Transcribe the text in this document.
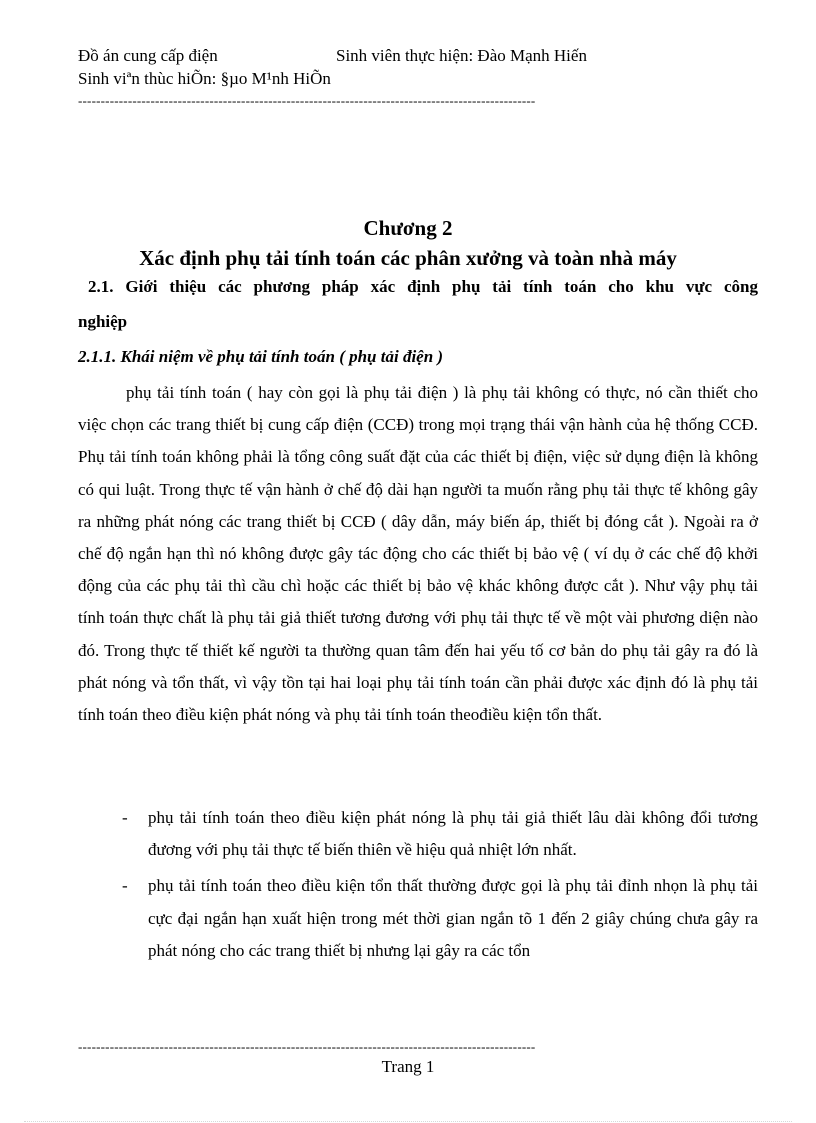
Đồ án cung cấp điện	Sinh viên thực hiện: Đào Mạnh Hiến
Sinh viªn thùc hiÕn: §µo M¹nh HiÕn
-----------------------------------------------------------------------------------------------------
Chương 2
Xác định phụ tải tính toán các phân xưởng và toàn nhà máy
2.1. Giới thiệu các phương pháp xác định phụ tải tính toán cho khu vực công
nghiệp
2.1.1. Khái niệm về phụ tải tính toán ( phụ tải điện )

phụ tải tính toán ( hay còn gọi là phụ tải điện ) là phụ tải không có thực, nó cần thiết cho việc chọn các trang thiết bị cung cấp điện (CCĐ) trong mọi trạng thái vận hành của hệ thống CCĐ. Phụ tải tính toán không phải là tổng công suất đặt của các thiết bị điện, việc sử dụng điện là không có qui luật. Trong thực tế vận hành ở chế độ dài hạn người ta muốn rằng phụ tải thực tế không gây ra những phát nóng các trang thiết bị CCĐ ( dây dẫn, máy biến áp, thiết bị đóng cắt ). Ngoài ra ở chế độ ngắn hạn thì nó không được gây tác động cho các thiết bị bảo vệ ( ví dụ ở các chế độ khởi động của các phụ tải thì cầu chì hoặc các thiết bị bảo vệ khác không được cắt ). Như vậy phụ tải tính toán thực chất là phụ tải giả thiết tương đương với phụ tải thực tế về một vài phương diện nào đó. Trong thực tế thiết kế người ta thường quan tâm đến hai yếu tố cơ bản do phụ tải gây ra đó là phát nóng và tổn thất, vì vậy tồn tại hai loại phụ tải tính toán cần phải được xác định đó là phụ tải tính toán theo điều kiện phát nóng và phụ tải tính toán theođiều kiện tổn thất.

- phụ tải tính toán theo điều kiện phát nóng là phụ tải giả thiết lâu dài không đổi tương đương với phụ tải thực tế biến thiên về hiệu quả nhiệt lớn nhất.
- phụ tải tính toán theo điều kiện tổn thất thường được gọi là phụ tải đỉnh nhọn là phụ tải cực đại ngắn hạn xuất hiện trong mét thời gian ngắn tõ 1 đến 2 giây chúng chưa gây ra phát nóng cho các trang thiết bị nhưng lại gây ra các tổn
-----------------------------------------------------------------------------------------------------
Trang 1
